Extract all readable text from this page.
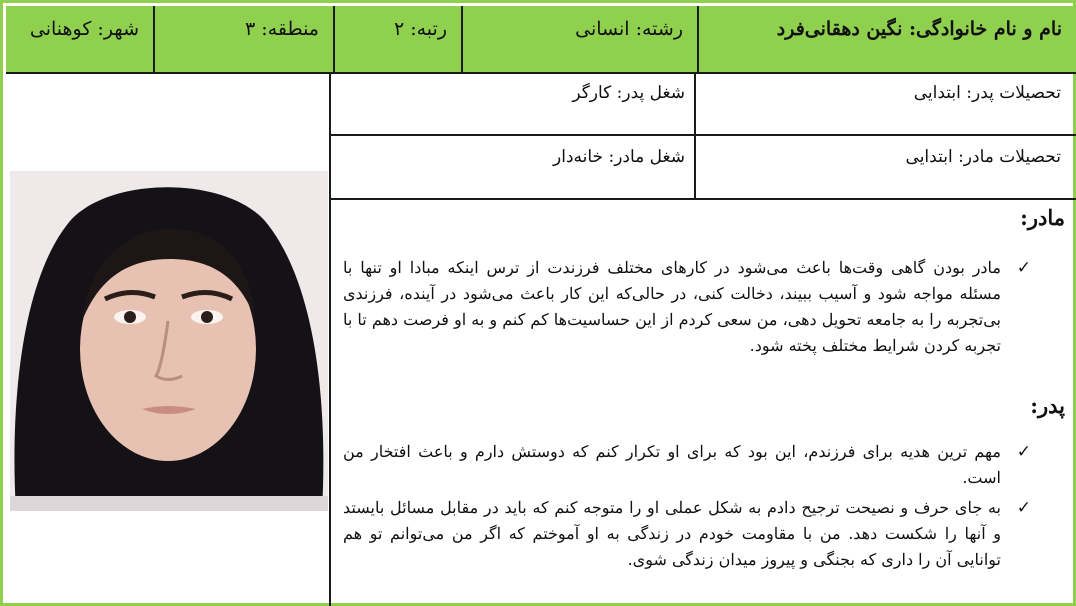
نام و نام خانوادگی: نگین دهقانی‌فرد
رشته: انسانی
رتبه: ۲
منطقه: ۳
شهر: کوهنانی
تحصیلات پدر: ابتدایی
شغل پدر: کارگر
تحصیلات مادر: ابتدایی
شغل مادر: خانه‌دار
مادر:
✓
مادر بودن گاهی وقت‌ها باعث می‌شود در کارهای مختلف فرزندت از ترس اینکه مبادا او تنها با مسئله مواجه شود و آسیب ببیند، دخالت کنی، در حالی‌که این کار باعث می‌شود در آینده، فرزندی بی‌تجربه را به جامعه تحویل دهی، من سعی کردم از این حساسیت‌ها کم کنم و به او فرصت دهم تا با تجربه کردن شرایط مختلف پخته شود.
پدر:
✓
مهم ترین هدیه برای فرزندم، این بود که برای او تکرار کنم که دوستش دارم و باعث افتخار من است.
✓
به جای حرف و نصیحت ترجیح دادم به شکل عملی او را متوجه کنم که باید در مقابل مسائل بایستد و آنها را شکست دهد. من با مقاومت خودم در زندگی به او آموختم که اگر من می‌توانم تو هم توانایی آن را داری که بجنگی و پیروز میدان زندگی شوی.
